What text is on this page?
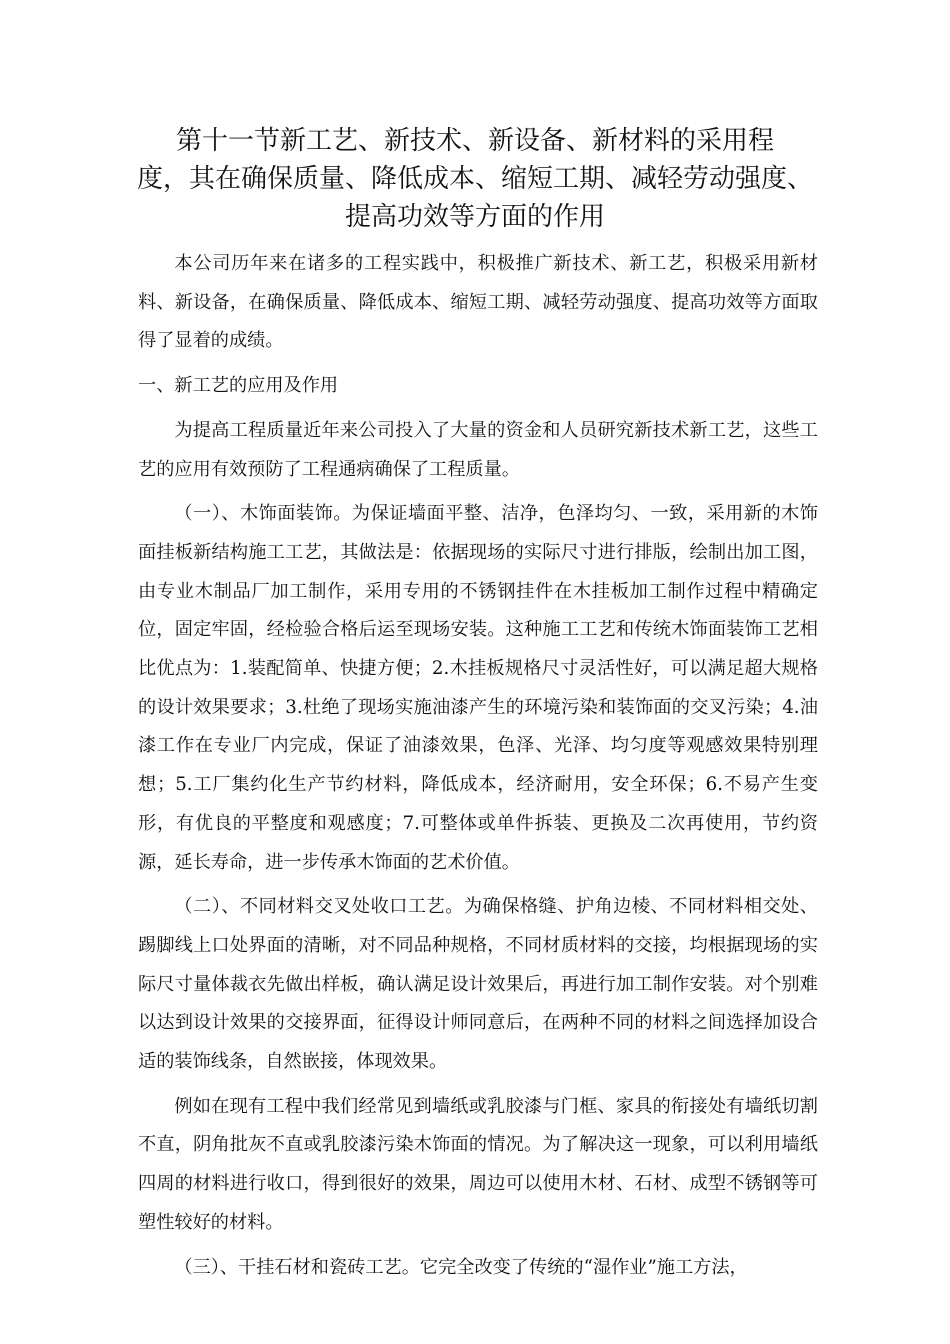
第十一节新工艺、新技术、新设备、新材料的采用程
度，其在确保质量、降低成本、缩短工期、减轻劳动强度、
提高功效等方面的作用

本公司历年来在诸多的工程实践中，积极推广新技术、新工艺，积极采用新材料、新设备，在确保质量、降低成本、缩短工期、减轻劳动强度、提高功效等方面取得了显着的成绩。

一、新工艺的应用及作用

为提高工程质量近年来公司投入了大量的资金和人员研究新技术新工艺，这些工艺的应用有效预防了工程通病确保了工程质量。

（一）、木饰面装饰。为保证墙面平整、洁净，色泽均匀、一致，采用新的木饰面挂板新结构施工工艺，其做法是：依据现场的实际尺寸进行排版，绘制出加工图，由专业木制品厂加工制作，采用专用的不锈钢挂件在木挂板加工制作过程中精确定位，固定牢固，经检验合格后运至现场安装。这种施工工艺和传统木饰面装饰工艺相比优点为：1.装配简单、快捷方便；2.木挂板规格尺寸灵活性好，可以满足超大规格的设计效果要求；3.杜绝了现场实施油漆产生的环境污染和装饰面的交叉污染；4.油漆工作在专业厂内完成，保证了油漆效果，色泽、光泽、均匀度等观感效果特别理想；5.工厂集约化生产节约材料，降低成本，经济耐用，安全环保；6.不易产生变形，有优良的平整度和观感度；7.可整体或单件拆装、更换及二次再使用，节约资源，延长寿命，进一步传承木饰面的艺术价值。

（二）、不同材料交叉处收口工艺。为确保格缝、护角边棱、不同材料相交处、踢脚线上口处界面的清晰，对不同品种规格，不同材质材料的交接，均根据现场的实际尺寸量体裁衣先做出样板，确认满足设计效果后，再进行加工制作安装。对个别难以达到设计效果的交接界面，征得设计师同意后，在两种不同的材料之间选择加设合适的装饰线条，自然嵌接，体现效果。

例如在现有工程中我们经常见到墙纸或乳胶漆与门框、家具的衔接处有墙纸切割不直，阴角批灰不直或乳胶漆污染木饰面的情况。为了解决这一现象，可以利用墙纸四周的材料进行收口，得到很好的效果，周边可以使用木材、石材、成型不锈钢等可塑性较好的材料。

（三）、干挂石材和瓷砖工艺。它完全改变了传统的“湿作业”施工方法，
